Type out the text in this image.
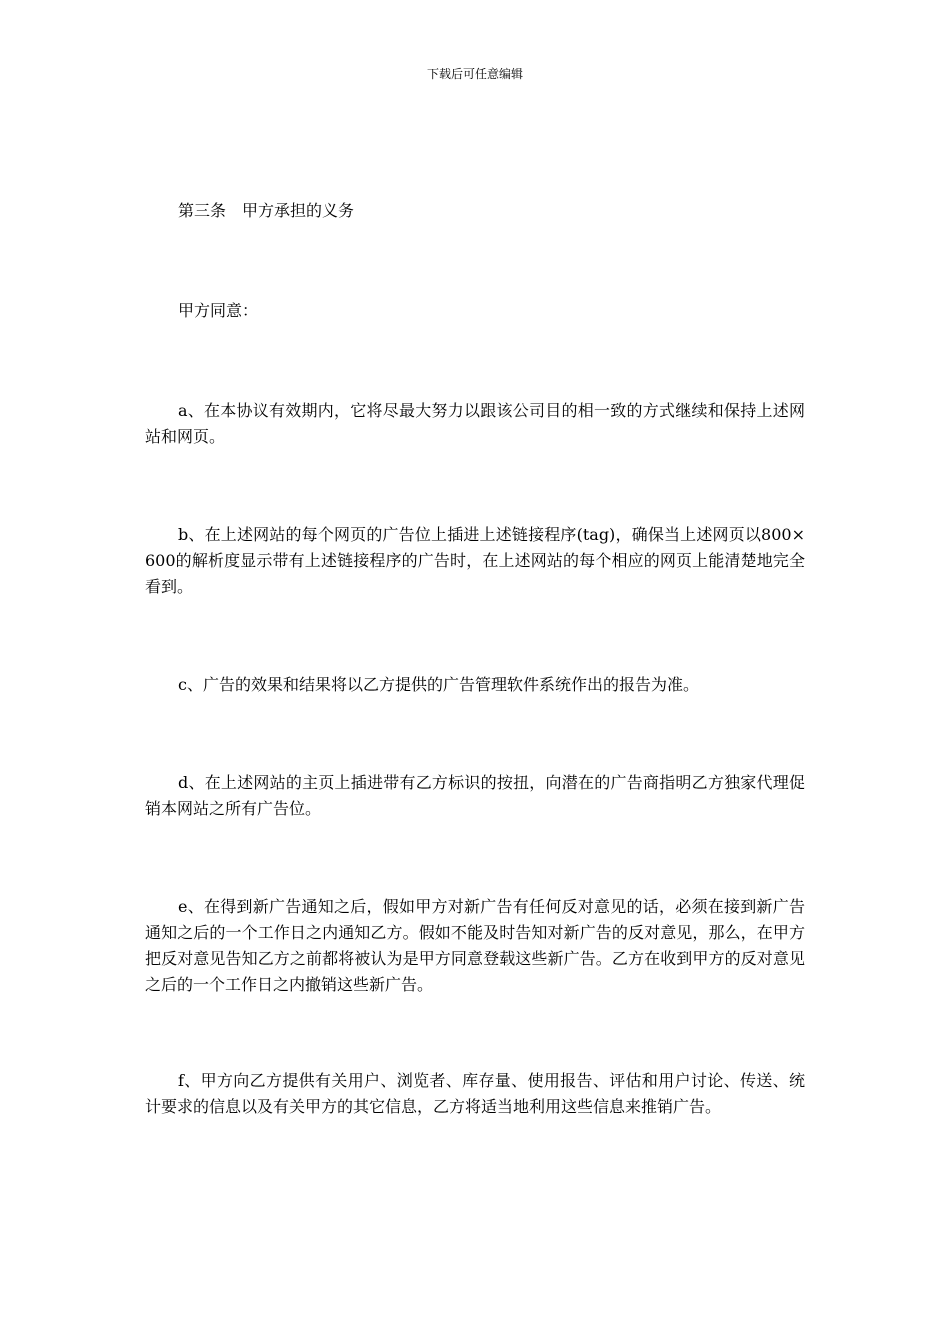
下载后可任意编辑

第三条　甲方承担的义务

甲方同意：

a、在本协议有效期内，它将尽最大努力以跟该公司目的相一致的方式继续和保持上述网站和网页。

b、在上述网站的每个网页的广告位上插进上述链接程序(tag)，确保当上述网页以800×600的解析度显示带有上述链接程序的广告时，在上述网站的每个相应的网页上能清楚地完全看到。

c、广告的效果和结果将以乙方提供的广告管理软件系统作出的报告为准。

d、在上述网站的主页上插进带有乙方标识的按扭，向潜在的广告商指明乙方独家代理促销本网站之所有广告位。

e、在得到新广告通知之后，假如甲方对新广告有任何反对意见的话，必须在接到新广告通知之后的一个工作日之内通知乙方。假如不能及时告知对新广告的反对意见，那么，在甲方把反对意见告知乙方之前都将被认为是甲方同意登载这些新广告。乙方在收到甲方的反对意见之后的一个工作日之内撤销这些新广告。

f、甲方向乙方提供有关用户、浏览者、库存量、使用报告、评估和用户讨论、传送、统计要求的信息以及有关甲方的其它信息，乙方将适当地利用这些信息来推销广告。
